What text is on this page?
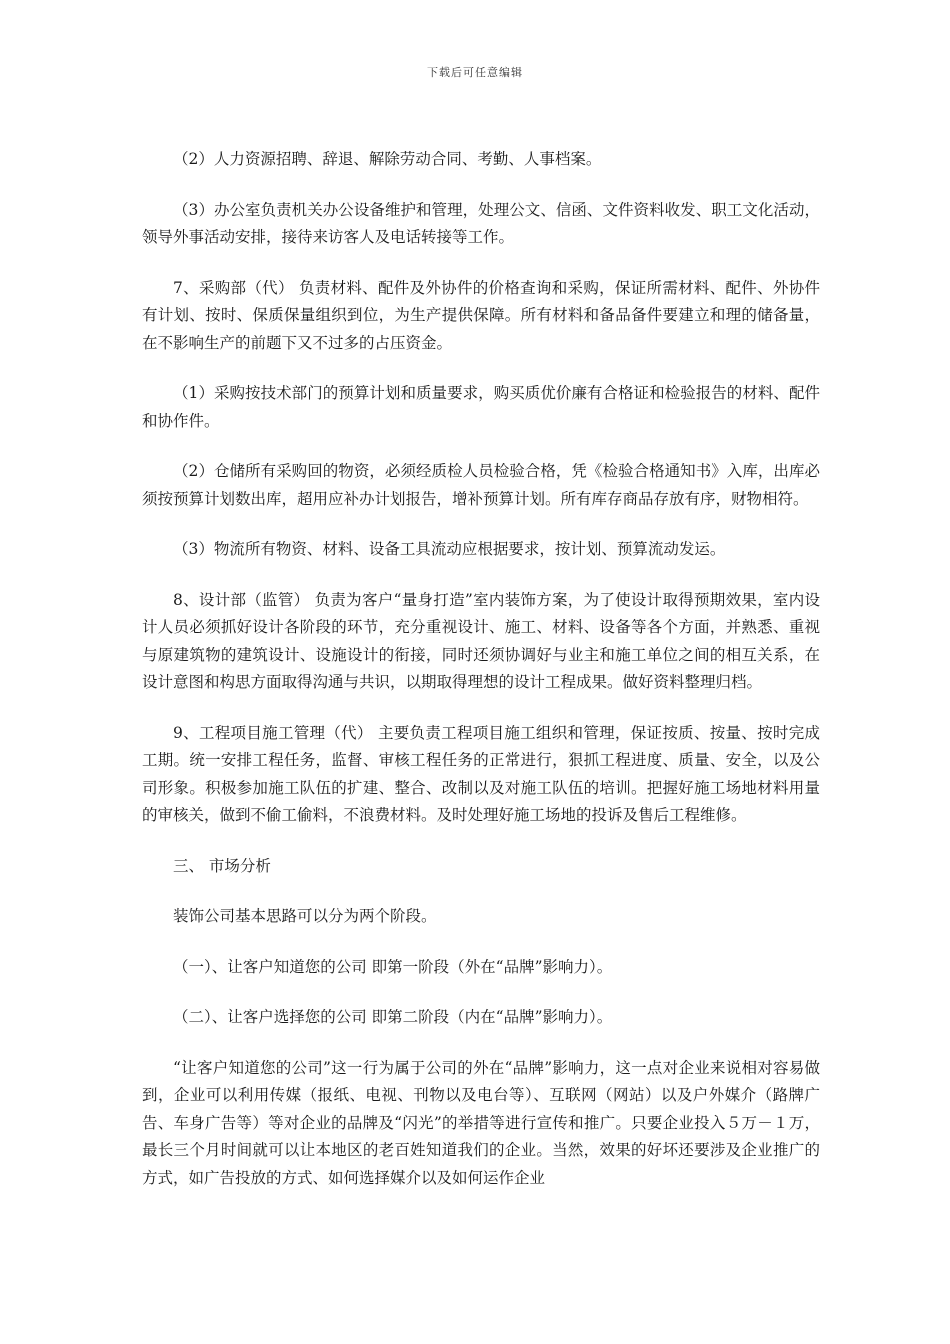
下载后可任意编辑

（2）人力资源招聘、辞退、解除劳动合同、考勤、人事档案。

（3）办公室负责机关办公设备维护和管理，处理公文、信函、文件资料收发、职工文化活动，领导外事活动安排，接待来访客人及电话转接等工作。

7、采购部（代） 负责材料、配件及外协件的价格查询和采购，保证所需材料、配件、外协件有计划、按时、保质保量组织到位，为生产提供保障。所有材料和备品备件要建立和理的储备量，在不影响生产的前题下又不过多的占压资金。

（1）采购按技术部门的预算计划和质量要求，购买质优价廉有合格证和检验报告的材料、配件和协作件。

（2）仓储所有采购回的物资，必须经质检人员检验合格，凭《检验合格通知书》入库，出库必须按预算计划数出库，超用应补办计划报告，增补预算计划。所有库存商品存放有序，财物相符。

（3）物流所有物资、材料、设备工具流动应根据要求，按计划、预算流动发运。

8、设计部（监管） 负责为客户“量身打造”室内装饰方案，为了使设计取得预期效果，室内设计人员必须抓好设计各阶段的环节，充分重视设计、施工、材料、设备等各个方面，并熟悉、重视与原建筑物的建筑设计、设施设计的衔接，同时还须协调好与业主和施工单位之间的相互关系，在设计意图和构思方面取得沟通与共识，以期取得理想的设计工程成果。做好资料整理归档。

9、工程项目施工管理（代） 主要负责工程项目施工组织和管理，保证按质、按量、按时完成工期。统一安排工程任务，监督、审核工程任务的正常进行，狠抓工程进度、质量、安全，以及公司形象。积极参加施工队伍的扩建、整合、改制以及对施工队伍的培训。把握好施工场地材料用量的审核关，做到不偷工偷料，不浪费材料。及时处理好施工场地的投诉及售后工程维修。

三、 市场分析

装饰公司基本思路可以分为两个阶段。

（一）、让客户知道您的公司 即第一阶段（外在“品牌”影响力）。

（二）、让客户选择您的公司 即第二阶段（内在“品牌”影响力）。

“让客户知道您的公司”这一行为属于公司的外在“品牌”影响力，这一点对企业来说相对容易做到，企业可以利用传媒（报纸、电视、刊物以及电台等）、互联网（网站）以及户外媒介（路牌广告、车身广告等）等对企业的品牌及“闪光”的举措等进行宣传和推广。只要企业投入５万－１万，最长三个月时间就可以让本地区的老百姓知道我们的企业。当然，效果的好坏还要涉及企业推广的方式，如广告投放的方式、如何选择媒介以及如何运作企业
